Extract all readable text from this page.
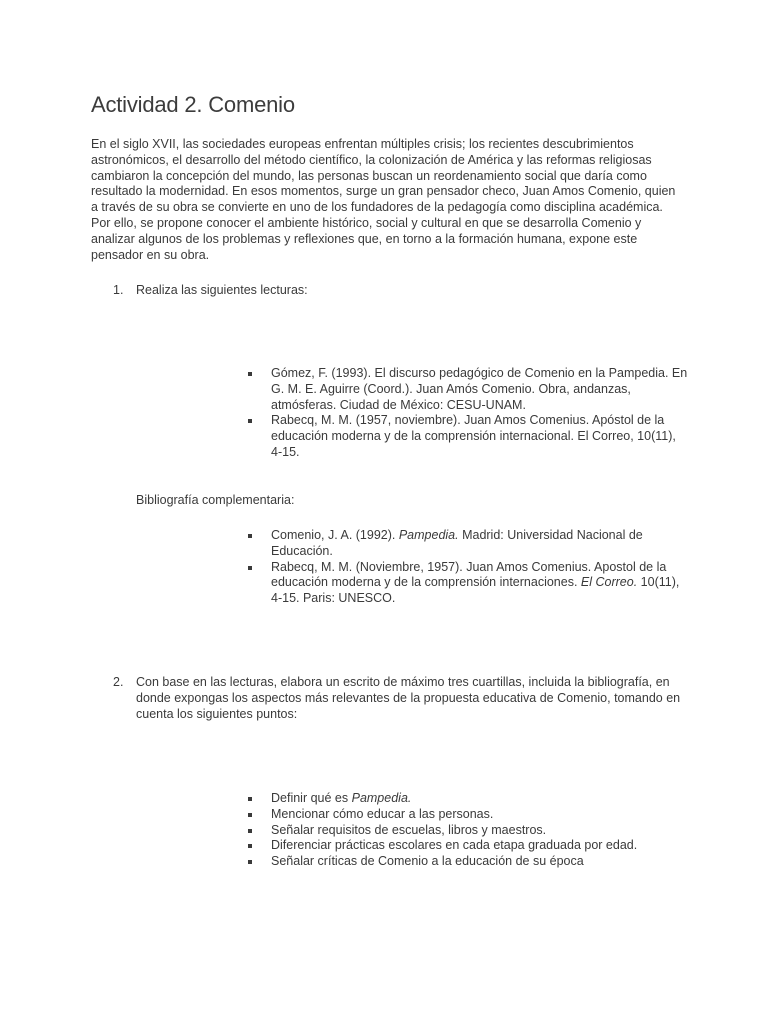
Actividad 2. Comenio

En el siglo XVII, las sociedades europeas enfrentan múltiples crisis; los recientes descubrimientos astronómicos, el desarrollo del método científico, la colonización de América y las reformas religiosas cambiaron la concepción del mundo, las personas buscan un reordenamiento social que daría como resultado la modernidad. En esos momentos, surge un gran pensador checo, Juan Amos Comenio, quien a través de su obra se convierte en uno de los fundadores de la pedagogía como disciplina académica. Por ello, se propone conocer el ambiente histórico, social y cultural en que se desarrolla Comenio y analizar algunos de los problemas y reflexiones que, en torno a la formación humana, expone este pensador en su obra.

1. Realiza las siguientes lecturas:
Gómez, F. (1993). El discurso pedagógico de Comenio en la Pampedia. En G. M. E. Aguirre (Coord.). Juan Amós Comenio. Obra, andanzas, atmósferas. Ciudad de México: CESU-UNAM.
Rabecq, M. M. (1957, noviembre). Juan Amos Comenius. Apóstol de la educación moderna y de la comprensión internacional. El Correo, 10(11), 4-15.
Bibliografía complementaria:
Comenio, J. A. (1992). Pampedia. Madrid: Universidad Nacional de Educación.
Rabecq, M. M. (Noviembre, 1957). Juan Amos Comenius. Apostol de la educación moderna y de la comprensión internaciones. El Correo. 10(11), 4-15. Paris: UNESCO.
2. Con base en las lecturas, elabora un escrito de máximo tres cuartillas, incluida la bibliografía, en donde expongas los aspectos más relevantes de la propuesta educativa de Comenio, tomando en cuenta los siguientes puntos:
Definir qué es Pampedia.
Mencionar cómo educar a las personas.
Señalar requisitos de escuelas, libros y maestros.
Diferenciar prácticas escolares en cada etapa graduada por edad.
Señalar críticas de Comenio a la educación de su época
